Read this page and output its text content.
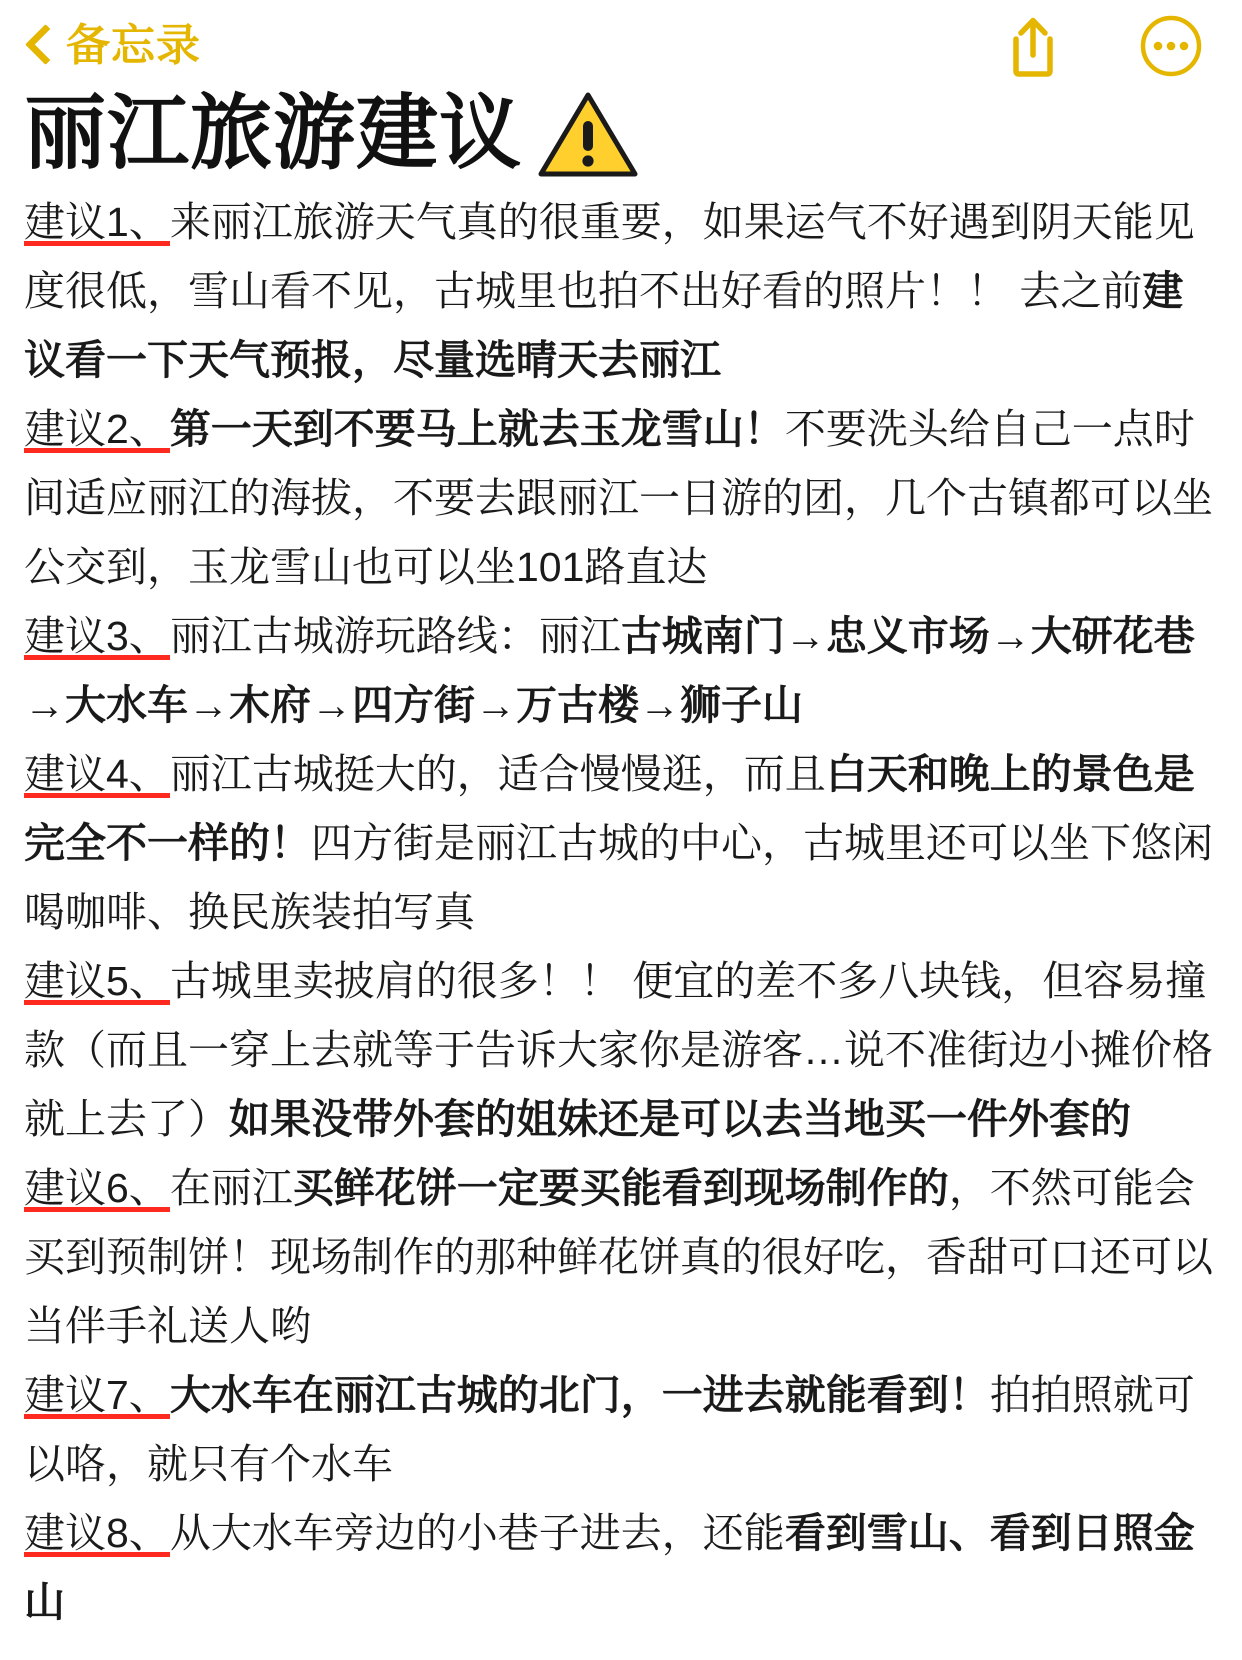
备忘录
丽江旅游建议

建议1、来丽江旅游天气真的很重要，如果运气不好遇到阴天能见度很低，雪山看不见，古城里也拍不出好看的照片！！ 去之前建议看一下天气预报，尽量选晴天去丽江

建议2、第一天到不要马上就去玉龙雪山！不要洗头给自己一点时间适应丽江的海拔，不要去跟丽江一日游的团，几个古镇都可以坐公交到，玉龙雪山也可以坐101路直达

建议3、丽江古城游玩路线：丽江古城南门→忠义市场→大研花巷→大水车→木府→四方街→万古楼→狮子山

建议4、丽江古城挺大的，适合慢慢逛，而且白天和晚上的景色是完全不一样的！四方街是丽江古城的中心，古城里还可以坐下悠闲喝咖啡、换民族装拍写真

建议5、古城里卖披肩的很多！！ 便宜的差不多八块钱，但容易撞款（而且一穿上去就等于告诉大家你是游客…说不准街边小摊价格就上去了）如果没带外套的姐妹还是可以去当地买一件外套的

建议6、在丽江买鲜花饼一定要买能看到现场制作的，不然可能会买到预制饼！现场制作的那种鲜花饼真的很好吃，香甜可口还可以当伴手礼送人哟

建议7、大水车在丽江古城的北门，一进去就能看到！拍拍照就可以咯，就只有个水车

建议8、从大水车旁边的小巷子进去，还能看到雪山、看到日照金山
